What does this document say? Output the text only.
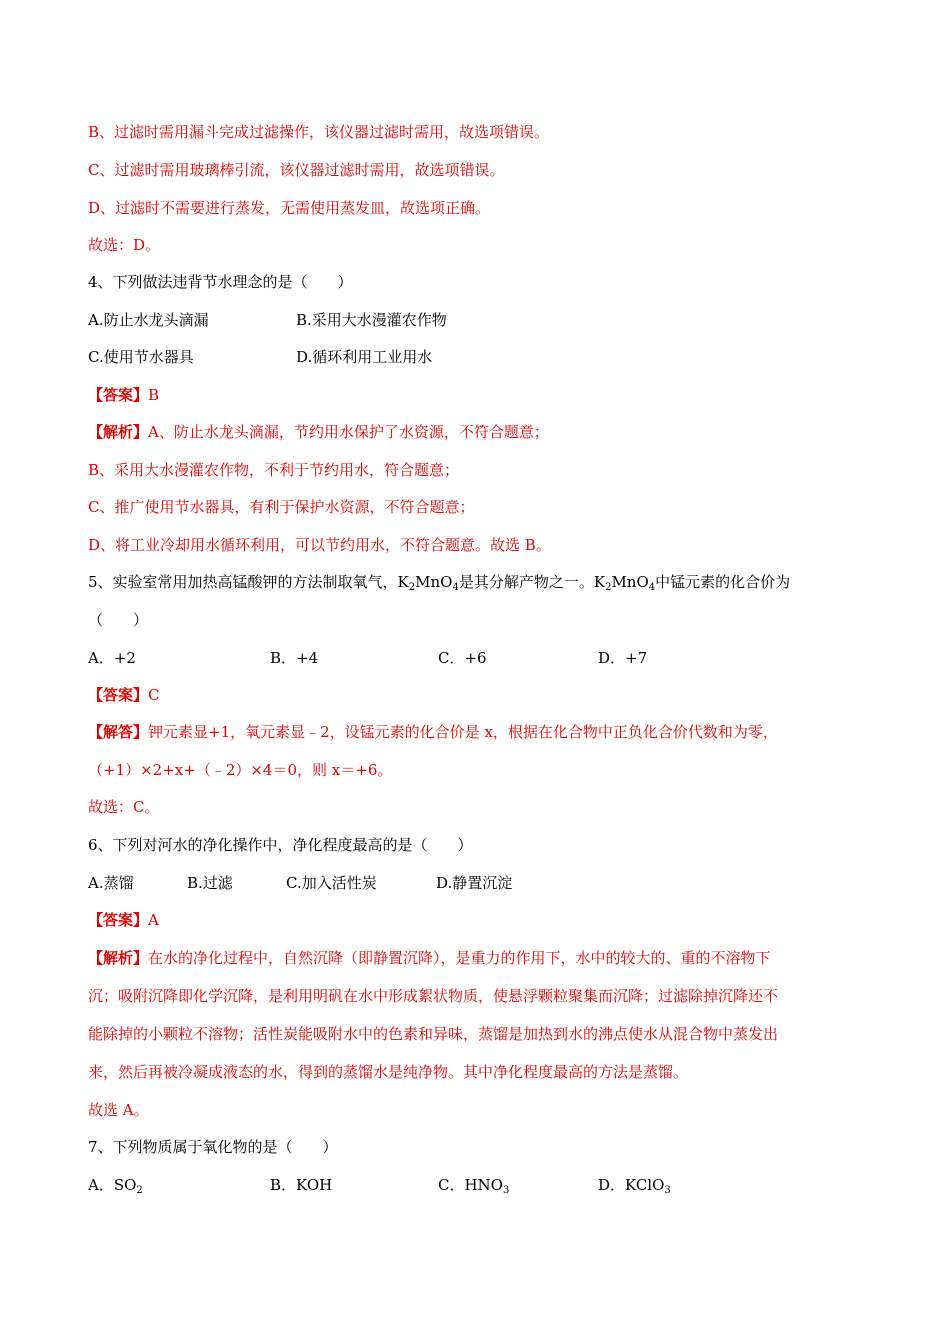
B、过滤时需用漏斗完成过滤操作，该仪器过滤时需用，故选项错误。
C、过滤时需用玻璃棒引流，该仪器过滤时需用，故选项错误。
D、过滤时不需要进行蒸发，无需使用蒸发皿，故选项正确。
故选：D。
4、下列做法违背节水理念的是（　　）
A.防止水龙头滴漏	B.采用大水漫灌农作物
C.使用节水器具	D.循环利用工业用水
【答案】B
【解析】A、防止水龙头滴漏，节约用水保护了水资源，不符合题意；
B、采用大水漫灌农作物，不利于节约用水，符合题意；
C、推广使用节水器具，有利于保护水资源，不符合题意；
D、将工业冷却用水循环利用，可以节约用水，不符合题意。故选 B。
5、实验室常用加热高锰酸钾的方法制取氧气，$K_2MnO_4$是其分解产物之一。$K_2MnO_4$中锰元素的化合价为
（　　）
A．+2	B．+4	C．+6	D．+7
【答案】C
【解答】钾元素显+1，氧元素显﹣2，设锰元素的化合价是 x，根据在化合物中正负化合价代数和为零，
（+1）×2+x+（﹣2）×4＝0，则 x＝+6。
故选：C。
6、下列对河水的净化操作中，净化程度最高的是（　　）
A.蒸馏	B.过滤	C.加入活性炭	D.静置沉淀
【答案】A
【解析】在水的净化过程中，自然沉降（即静置沉降），是重力的作用下，水中的较大的、重的不溶物下
沉；吸附沉降即化学沉降，是利用明矾在水中形成絮状物质，使悬浮颗粒聚集而沉降；过滤除掉沉降还不
能除掉的小颗粒不溶物；活性炭能吸附水中的色素和异味，蒸馏是加热到水的沸点使水从混合物中蒸发出
来，然后再被冷凝成液态的水，得到的蒸馏水是纯净物。其中净化程度最高的方法是蒸馏。
故选 A。
7、下列物质属于氧化物的是（　　）
A．$SO_2$	B．KOH	C．$HNO_3$	D．KClO$_3$
